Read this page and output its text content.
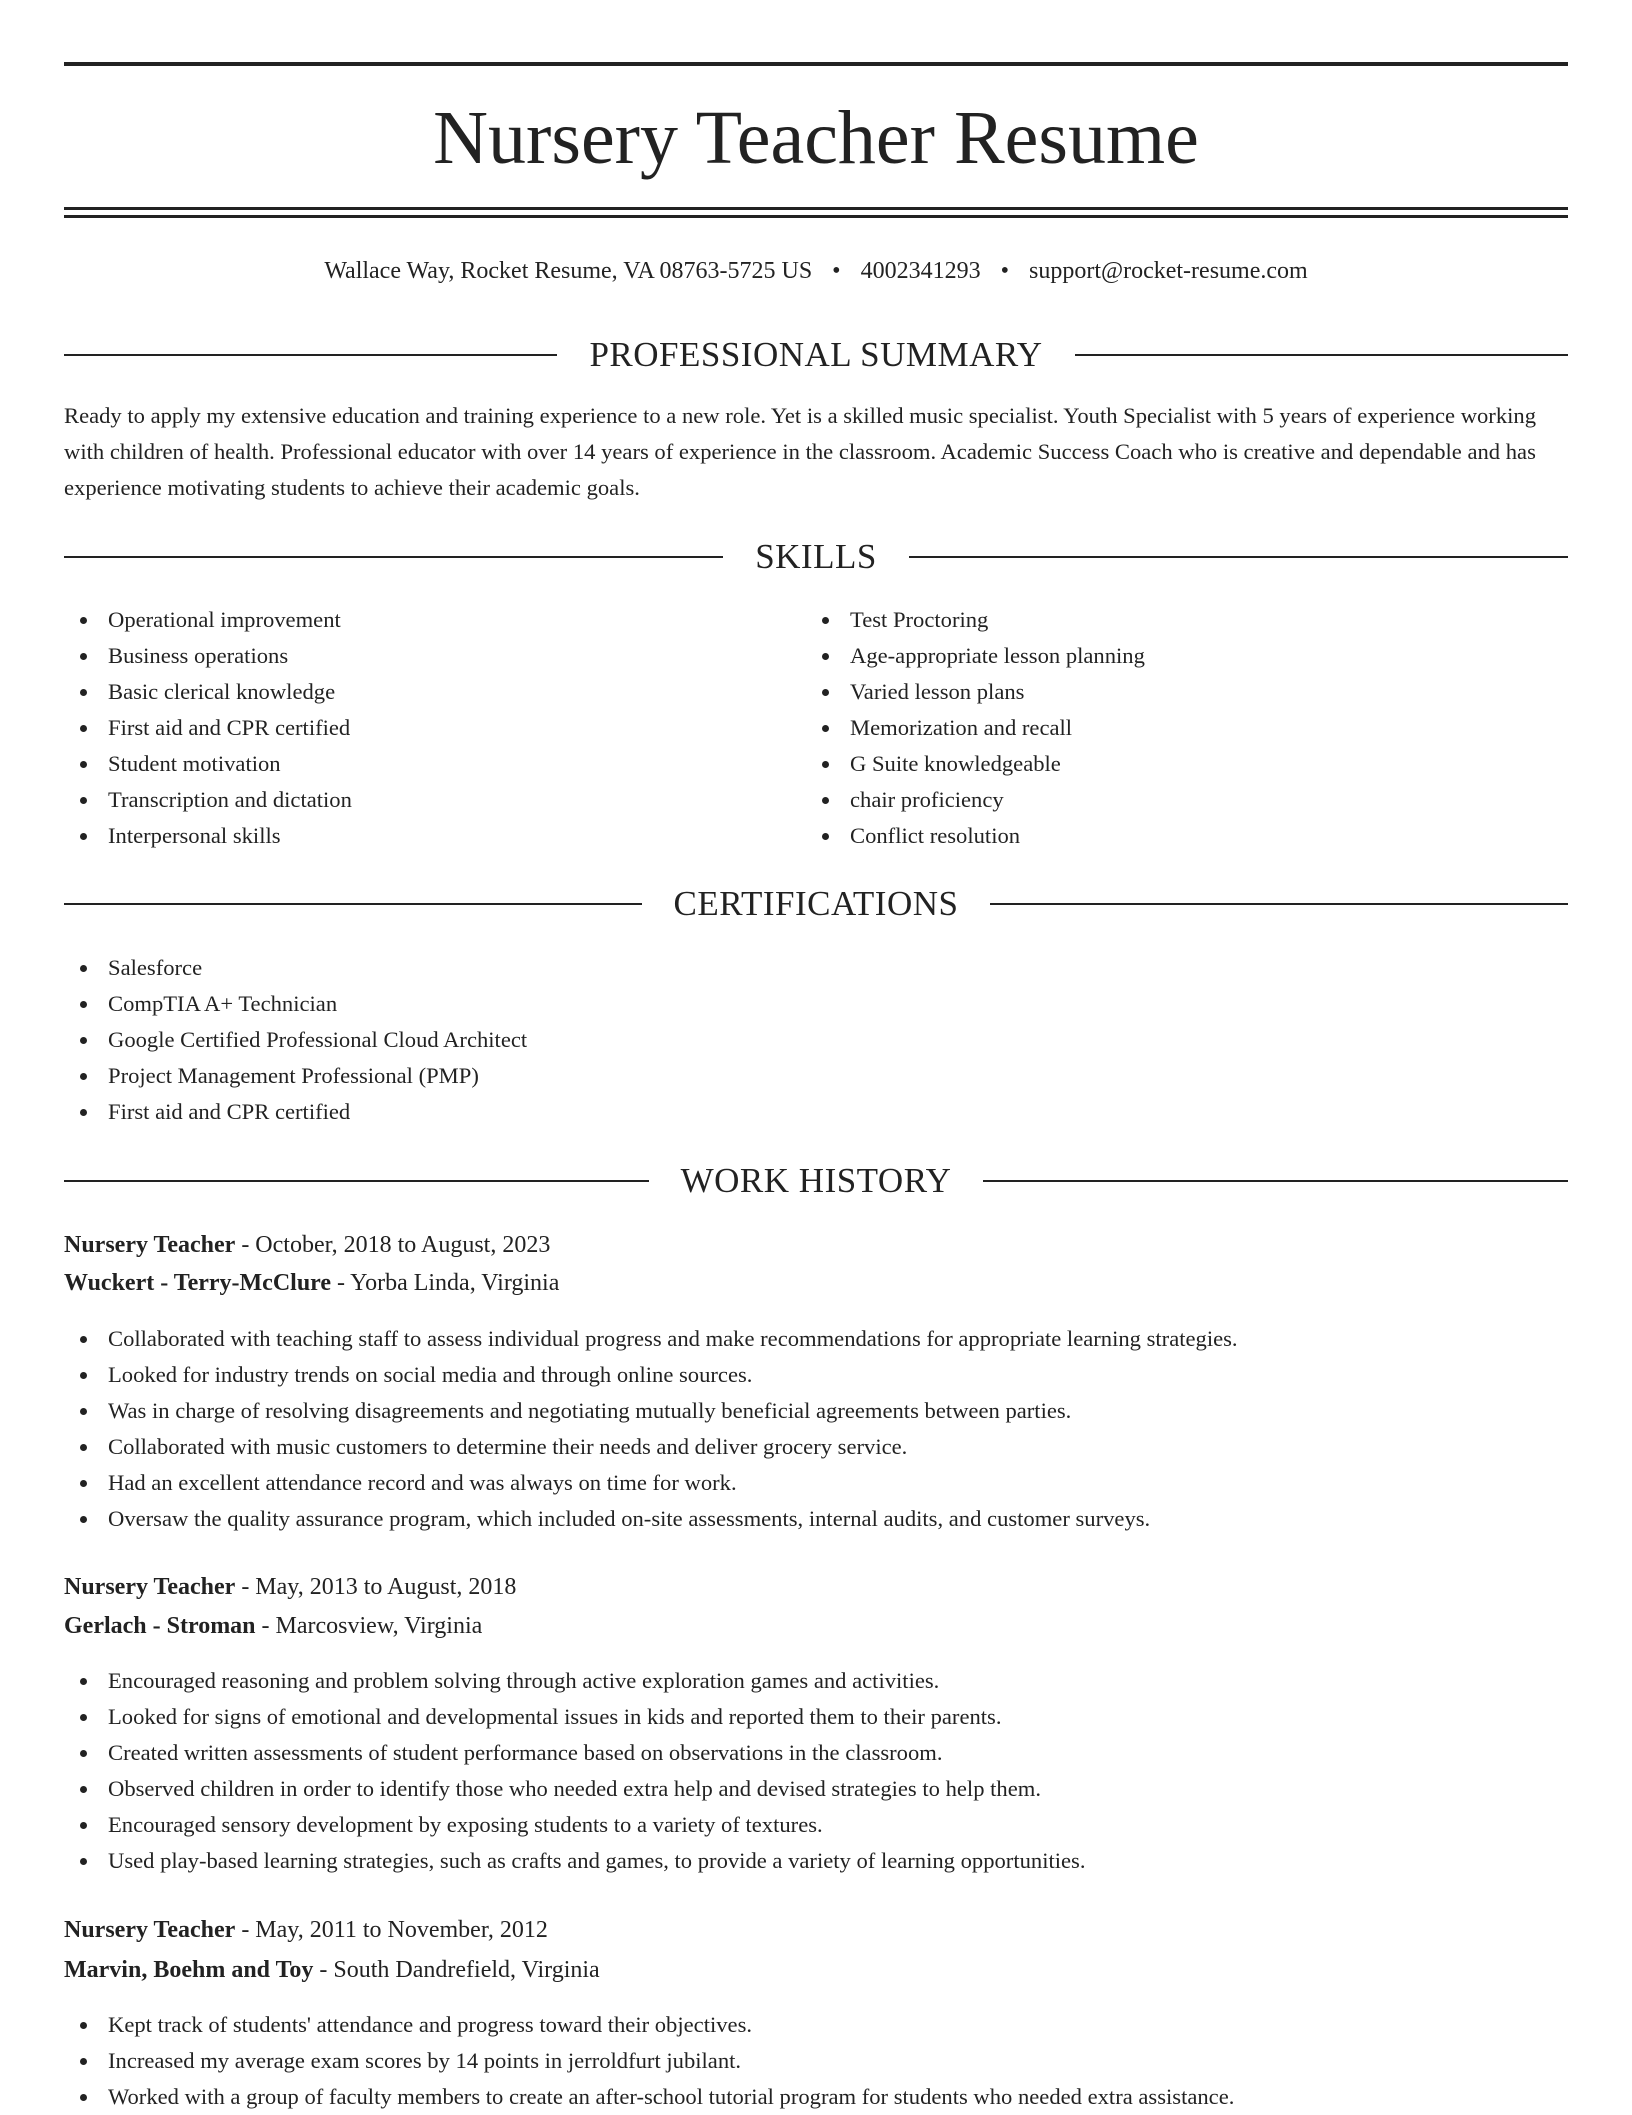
Nursery Teacher Resume
Wallace Way, Rocket Resume, VA 08763-5725 US • 4002341293 • support@rocket-resume.com
PROFESSIONAL SUMMARY
Ready to apply my extensive education and training experience to a new role. Yet is a skilled music specialist. Youth Specialist with 5 years of experience working with children of health. Professional educator with over 14 years of experience in the classroom. Academic Success Coach who is creative and dependable and has experience motivating students to achieve their academic goals.
SKILLS
Operational improvement
Business operations
Basic clerical knowledge
First aid and CPR certified
Student motivation
Transcription and dictation
Interpersonal skills
Test Proctoring
Age-appropriate lesson planning
Varied lesson plans
Memorization and recall
G Suite knowledgeable
chair proficiency
Conflict resolution
CERTIFICATIONS
Salesforce
CompTIA A+ Technician
Google Certified Professional Cloud Architect
Project Management Professional (PMP)
First aid and CPR certified
WORK HISTORY
Nursery Teacher - October, 2018 to August, 2023
Wuckert - Terry-McClure - Yorba Linda, Virginia
Collaborated with teaching staff to assess individual progress and make recommendations for appropriate learning strategies.
Looked for industry trends on social media and through online sources.
Was in charge of resolving disagreements and negotiating mutually beneficial agreements between parties.
Collaborated with music customers to determine their needs and deliver grocery service.
Had an excellent attendance record and was always on time for work.
Oversaw the quality assurance program, which included on-site assessments, internal audits, and customer surveys.
Nursery Teacher - May, 2013 to August, 2018
Gerlach - Stroman - Marcosview, Virginia
Encouraged reasoning and problem solving through active exploration games and activities.
Looked for signs of emotional and developmental issues in kids and reported them to their parents.
Created written assessments of student performance based on observations in the classroom.
Observed children in order to identify those who needed extra help and devised strategies to help them.
Encouraged sensory development by exposing students to a variety of textures.
Used play-based learning strategies, such as crafts and games, to provide a variety of learning opportunities.
Nursery Teacher - May, 2011 to November, 2012
Marvin, Boehm and Toy - South Dandrefield, Virginia
Kept track of students' attendance and progress toward their objectives.
Increased my average exam scores by 14 points in jerroldfurt jubilant.
Worked with a group of faculty members to create an after-school tutorial program for students who needed extra assistance.
